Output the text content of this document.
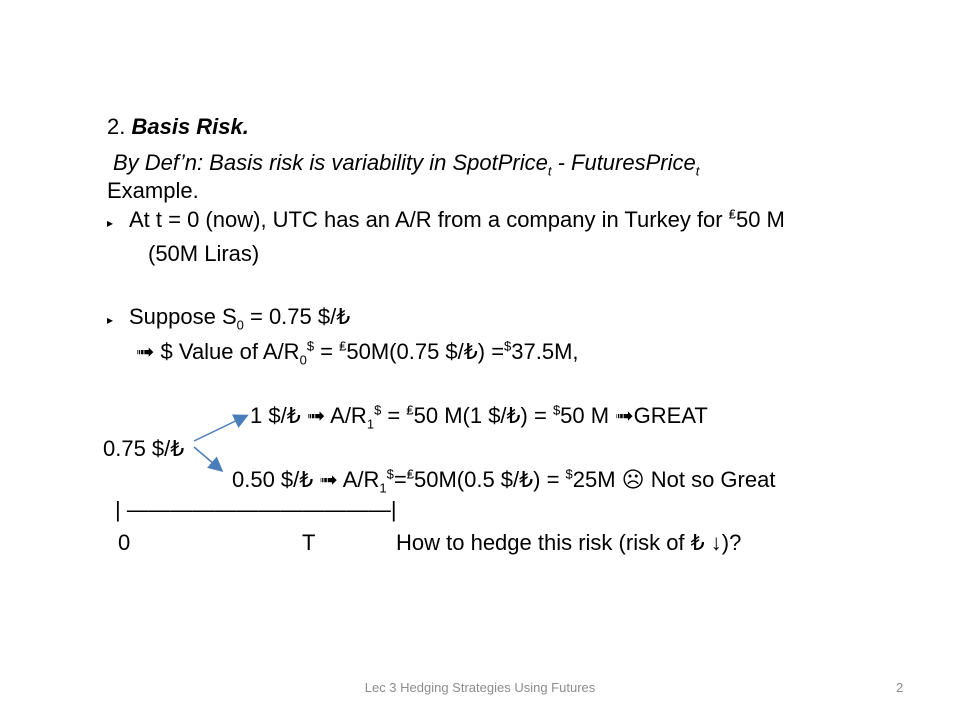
2. Basis Risk.
By Def’n: Basis risk is variability in SpotPrice$_t$ - FuturesPrice$_t$
Example.
▸ At t = 0 (now), UTC has an A/R from a company in Turkey for ₤50 M
(50M Liras)
▸ Suppose $S_0 = 0.75$ $/₺
➟ $ Value of $A/R_0^{\$} = ^₤50M(0.75$ $/₺) =$37.5M,
1 $/₺ ➟ $A/R_1^{\$} = ^₤50$ M(1 $/₺) = $50 M ➟GREAT
0.75 $/₺
0.50 $/₺ ➟ $A/R_1^{\$}=^₤50M(0.5$ $/₺) = $25M ☹ Not so Great
| ————————————|
0	T	How to hedge this risk (risk of ₺ ↓)?
Lec 3 Hedging Strategies Using Futures	2
